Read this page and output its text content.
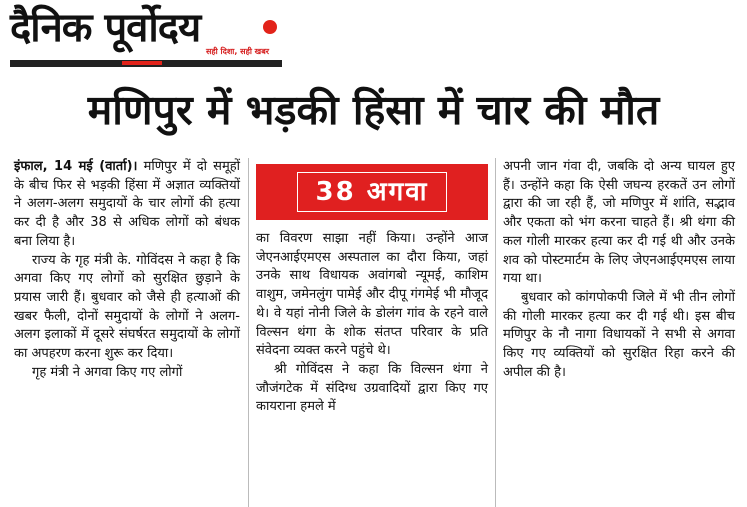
दैनिक पूर्वोदय
सही दिशा, सही खबर
मणिपुर में भड़की हिंसा में चार की मौत

इंफाल, 14 मई (वार्ता)। मणिपुर में दो समूहों के बीच फिर से भड़की हिंसा में अज्ञात व्यक्तियों ने अलग-अलग समुदायों के चार लोगों की हत्या कर दी है और 38 से अधिक लोगों को बंधक बना लिया है।

राज्य के गृह मंत्री के. गोविंदस ने कहा है कि अगवा किए गए लोगों को सुरक्षित छुड़ाने के प्रयास जारी हैं। बुधवार को जैसे ही हत्याओं की खबर फैली, दोनों समुदायों के लोगों ने अलग-अलग इलाकों में दूसरे संघर्षरत समुदायों के लोगों का अपहरण करना शुरू कर दिया।

गृह मंत्री ने अगवा किए गए लोगों

38 अगवा

का विवरण साझा नहीं किया। उन्होंने आज जेएनआईएमएस अस्पताल का दौरा किया, जहां उनके साथ विधायक अवांगबो न्यूमई, काशिम वाशुम, जमेनलुंग पामेई और दीपू गंगमेई भी मौजूद थे। वे यहां नोनी जिले के डोलंग गांव के रहने वाले विल्सन थंगा के शोक संतप्त परिवार के प्रति संवेदना व्यक्त करने पहुंचे थे।

श्री गोविंदस ने कहा कि विल्सन थंगा ने जौजंगटेक में संदिग्ध उग्रवादियों द्वारा किए गए कायराना हमले में

अपनी जान गंवा दी, जबकि दो अन्य घायल हुए हैं। उन्होंने कहा कि ऐसी जघन्य हरकतें उन लोगों द्वारा की जा रही हैं, जो मणिपुर में शांति, सद्भाव और एकता को भंग करना चाहते हैं। श्री थंगा की कल गोली मारकर हत्या कर दी गई थी और उनके शव को पोस्टमार्टम के लिए जेएनआईएमएस लाया गया था।

बुधवार को कांगपोकपी जिले में भी तीन लोगों की गोली मारकर हत्या कर दी गई थी। इस बीच मणिपुर के नौ नागा विधायकों ने सभी से अगवा किए गए व्यक्तियों को सुरक्षित रिहा करने की अपील की है।
